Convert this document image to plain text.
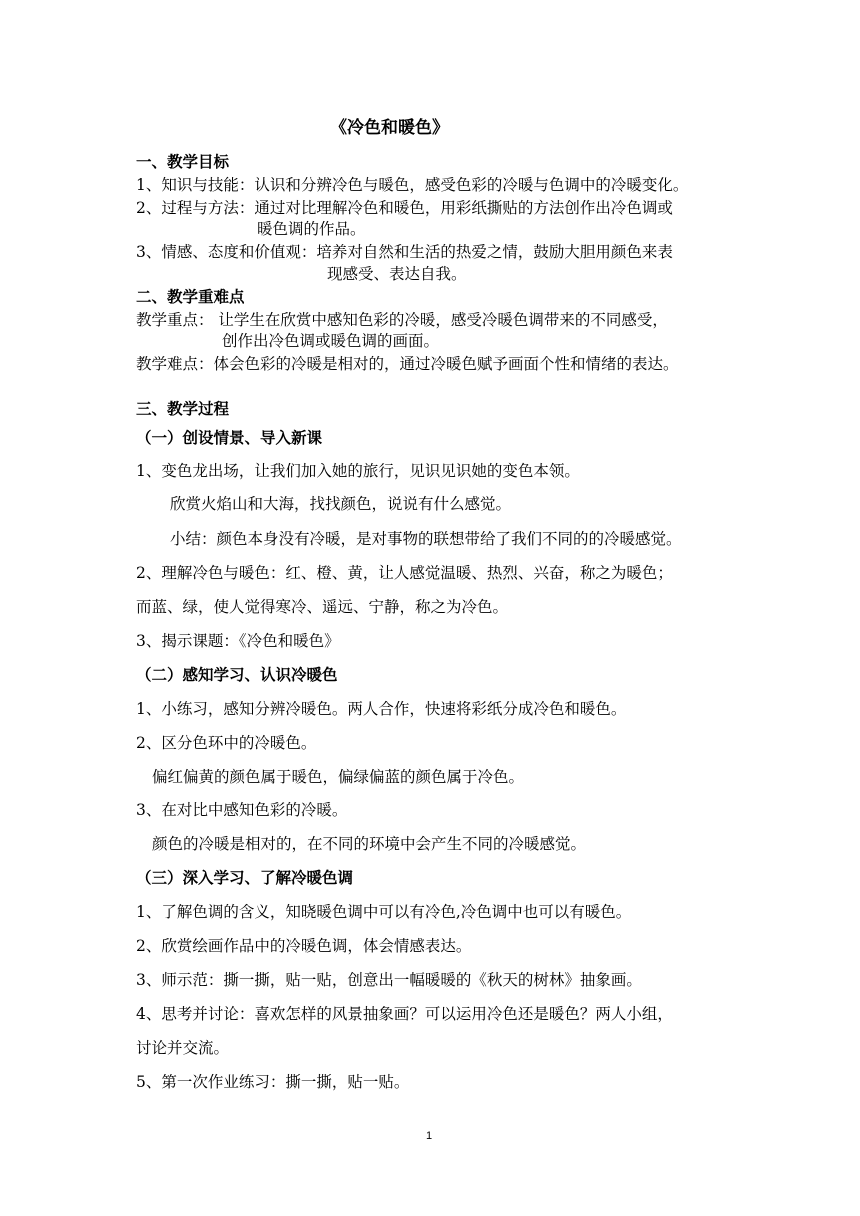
《冷色和暖色》
一、教学目标
1、知识与技能：认识和分辨冷色与暖色，感受色彩的冷暖与色调中的冷暖变化。
2、过程与方法：通过对比理解冷色和暖色，用彩纸撕贴的方法创作出冷色调或
暖色调的作品。
3、情感、态度和价值观：培养对自然和生活的热爱之情，鼓励大胆用颜色来表
现感受、表达自我。
二、教学重难点
教学重点： 让学生在欣赏中感知色彩的冷暖，感受冷暖色调带来的不同感受，
创作出冷色调或暖色调的画面。
教学难点：体会色彩的冷暖是相对的，通过冷暖色赋予画面个性和情绪的表达。
三、教学过程
（一）创设情景、导入新课
1、变色龙出场，让我们加入她的旅行，见识见识她的变色本领。
欣赏火焰山和大海，找找颜色，说说有什么感觉。
小结：颜色本身没有冷暖，是对事物的联想带给了我们不同的的冷暖感觉。
2、理解冷色与暖色：红、橙、黄，让人感觉温暖、热烈、兴奋，称之为暖色；
而蓝、绿，使人觉得寒冷、遥远、宁静，称之为冷色。
3、揭示课题：《冷色和暖色》
（二）感知学习、认识冷暖色
1、小练习，感知分辨冷暖色。两人合作，快速将彩纸分成冷色和暖色。
2、区分色环中的冷暖色。
偏红偏黄的颜色属于暖色，偏绿偏蓝的颜色属于冷色。
3、在对比中感知色彩的冷暖。
颜色的冷暖是相对的，在不同的环境中会产生不同的冷暖感觉。
（三）深入学习、了解冷暖色调
1、了解色调的含义，知晓暖色调中可以有冷色,冷色调中也可以有暖色。
2、欣赏绘画作品中的冷暖色调，体会情感表达。
3、师示范：撕一撕，贴一贴，创意出一幅暖暖的《秋天的树林》抽象画。
4、思考并讨论：喜欢怎样的风景抽象画？可以运用冷色还是暖色？两人小组，
讨论并交流。
5、第一次作业练习：撕一撕，贴一贴。
1
